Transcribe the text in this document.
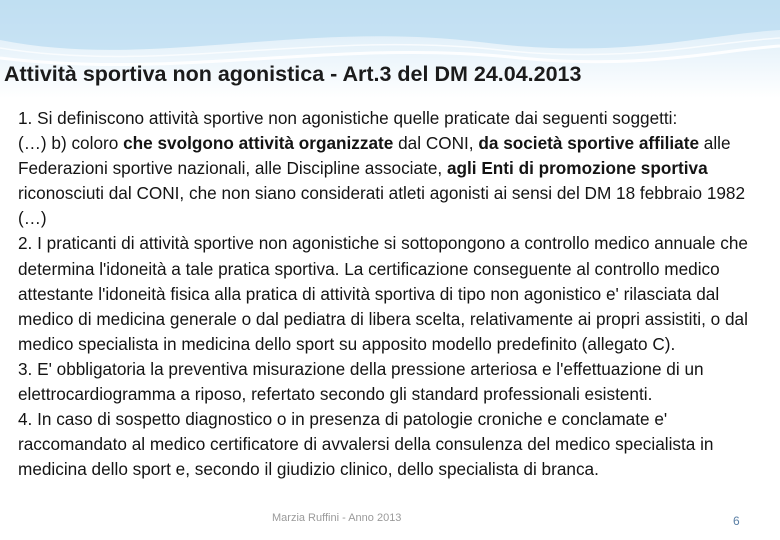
Attività sportiva non agonistica - Art.3 del DM 24.04.2013

1. Si definiscono attività sportive non agonistiche quelle praticate dai seguenti soggetti:

(…) b) coloro che svolgono attività organizzate dal CONI, da società sportive affiliate alle Federazioni sportive nazionali, alle Discipline associate, agli Enti di promozione sportiva riconosciuti dal CONI, che non siano considerati atleti agonisti ai sensi del DM 18 febbraio 1982 (…)

2. I praticanti di attività sportive non agonistiche si sottopongono a controllo medico annuale che determina l'idoneità a tale pratica sportiva. La certificazione conseguente al controllo medico attestante l'idoneità fisica alla pratica di attività sportiva di tipo non agonistico e' rilasciata dal medico di medicina generale o dal pediatra di libera scelta, relativamente ai propri assistiti, o dal medico specialista in medicina dello sport su apposito modello predefinito (allegato C).

3. E' obbligatoria la preventiva misurazione della pressione arteriosa e l'effettuazione di un elettrocardiogramma a riposo, refertato secondo gli standard professionali esistenti.

4. In caso di sospetto diagnostico o in presenza di patologie croniche e conclamate e' raccomandato al medico certificatore di avvalersi della consulenza del medico specialista in medicina dello sport e, secondo il giudizio clinico, dello specialista di branca.

Marzia Ruffini - Anno 2013	6
